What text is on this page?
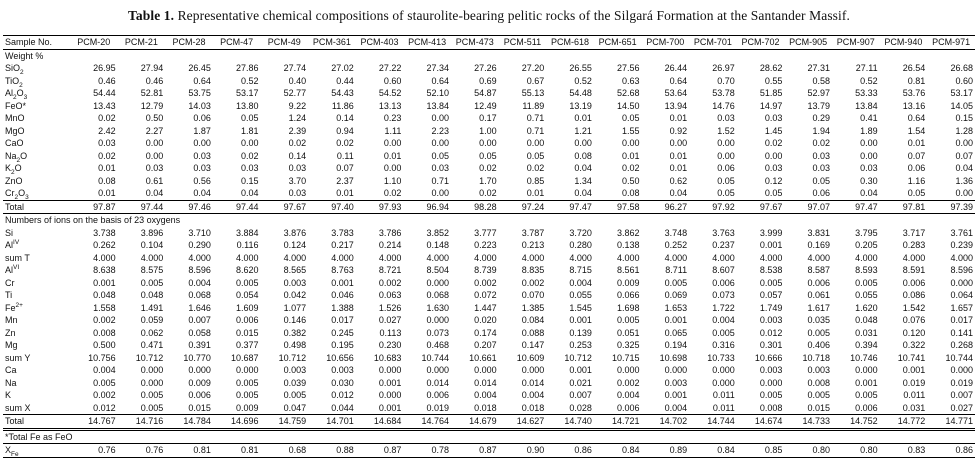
Table 1. Representative chemical compositions of staurolite-bearing pelitic rocks of the Silgará Formation at the Santander Massif.

Sample No.	PCM-20	PCM-21	PCM-28	PCM-47	PCM-49	PCM-361	PCM-403	PCM-413	PCM-473	PCM-511	PCM-618	PCM-651	PCM-700	PCM-701	PCM-702	PCM-905	PCM-907	PCM-940	PCM-971
Weight %																			
SiO$_2$	26.95	27.94	26.45	27.86	27.74	27.02	27.22	27.34	27.26	27.20	26.55	27.56	26.44	26.97	28.62	27.31	27.11	26.54	26.68
TiO$_2$	0.46	0.46	0.64	0.52	0.40	0.44	0.60	0.64	0.69	0.67	0.52	0.63	0.64	0.70	0.55	0.58	0.52	0.81	0.60
$Al_2O_3$	54.44	52.81	53.75	53.17	52.77	54.43	54.52	52.10	54.87	55.13	54.48	52.68	53.64	53.78	51.85	52.97	53.33	53.76	53.17
FeO*	13.43	12.79	14.03	13.80	9.22	11.86	13.13	13.84	12.49	11.89	13.19	14.50	13.94	14.76	14.97	13.79	13.84	13.16	14.05
MnO	0.02	0.50	0.06	0.05	1.24	0.14	0.23	0.00	0.17	0.71	0.01	0.05	0.01	0.03	0.03	0.29	0.41	0.64	0.15
MgO	2.42	2.27	1.87	1.81	2.39	0.94	1.11	2.23	1.00	0.71	1.21	1.55	0.92	1.52	1.45	1.94	1.89	1.54	1.28
CaO	0.03	0.00	0.00	0.00	0.02	0.02	0.00	0.00	0.00	0.00	0.00	0.00	0.00	0.00	0.02	0.02	0.00	0.01	0.00
$Na_2O$	0.02	0.00	0.03	0.02	0.14	0.11	0.01	0.05	0.05	0.05	0.08	0.01	0.01	0.00	0.00	0.03	0.00	0.07	0.07
$K_2O$	0.01	0.03	0.03	0.03	0.03	0.07	0.00	0.03	0.02	0.02	0.04	0.02	0.01	0.06	0.03	0.03	0.03	0.06	0.04
ZnO	0.08	0.61	0.56	0.15	3.70	2.37	1.10	0.71	1.70	0.85	1.34	0.50	0.62	0.05	0.12	0.05	0.30	1.16	1.36
$Cr_2O_3$	0.01	0.04	0.04	0.04	0.03	0.01	0.02	0.00	0.02	0.01	0.04	0.08	0.04	0.05	0.05	0.06	0.04	0.05	0.00
Total	97.87	97.44	97.46	97.44	97.67	97.40	97.93	96.94	98.28	97.24	97.47	97.58	96.27	97.92	97.67	97.07	97.47	97.81	97.39
Numbers of ions on the basis of 23 oxygens																			
Si	3.738	3.896	3.710	3.884	3.876	3.783	3.786	3.852	3.777	3.787	3.720	3.862	3.748	3.763	3.999	3.831	3.795	3.717	3.761
$Al^{IV}$	0.262	0.104	0.290	0.116	0.124	0.217	0.214	0.148	0.223	0.213	0.280	0.138	0.252	0.237	0.001	0.169	0.205	0.283	0.239
sum T	4.000	4.000	4.000	4.000	4.000	4.000	4.000	4.000	4.000	4.000	4.000	4.000	4.000	4.000	4.000	4.000	4.000	4.000	4.000
$Al^{VI}$	8.638	8.575	8.596	8.620	8.565	8.763	8.721	8.504	8.739	8.835	8.715	8.561	8.711	8.607	8.538	8.587	8.593	8.591	8.596
Cr	0.001	0.005	0.004	0.005	0.003	0.001	0.002	0.000	0.002	0.002	0.004	0.009	0.005	0.006	0.005	0.006	0.005	0.006	0.000
Ti	0.048	0.048	0.068	0.054	0.042	0.046	0.063	0.068	0.072	0.070	0.055	0.066	0.069	0.073	0.057	0.061	0.055	0.086	0.064
$Fe^{2+}$	1.558	1.491	1.646	1.609	1.077	1.388	1.526	1.630	1.447	1.385	1.545	1.698	1.653	1.722	1.749	1.617	1.620	1.542	1.657
Mn	0.002	0.059	0.007	0.006	0.146	0.017	0.027	0.000	0.020	0.084	0.001	0.005	0.001	0.004	0.003	0.035	0.048	0.076	0.017
Zn	0.008	0.062	0.058	0.015	0.382	0.245	0.113	0.073	0.174	0.088	0.139	0.051	0.065	0.005	0.012	0.005	0.031	0.120	0.141
Mg	0.500	0.471	0.391	0.377	0.498	0.195	0.230	0.468	0.207	0.147	0.253	0.325	0.194	0.316	0.301	0.406	0.394	0.322	0.268
sum Y	10.756	10.712	10.770	10.687	10.712	10.656	10.683	10.744	10.661	10.609	10.712	10.715	10.698	10.733	10.666	10.718	10.746	10.741	10.744
Ca	0.004	0.000	0.000	0.000	0.003	0.003	0.000	0.000	0.000	0.000	0.001	0.000	0.000	0.000	0.003	0.003	0.000	0.001	0.000
Na	0.005	0.000	0.009	0.005	0.039	0.030	0.001	0.014	0.014	0.014	0.021	0.002	0.003	0.000	0.000	0.008	0.001	0.019	0.019
K	0.002	0.005	0.006	0.005	0.005	0.012	0.000	0.006	0.004	0.004	0.007	0.004	0.001	0.011	0.005	0.005	0.005	0.011	0.007
sum X	0.012	0.005	0.015	0.009	0.047	0.044	0.001	0.019	0.018	0.018	0.028	0.006	0.004	0.011	0.008	0.015	0.006	0.031	0.027
Total	14.767	14.716	14.784	14.696	14.759	14.701	14.684	14.764	14.679	14.627	14.740	14.721	14.702	14.744	14.674	14.733	14.752	14.772	14.771
*Total Fe as FeO																			
$X_{Fe}$	0.76	0.76	0.81	0.81	0.68	0.88	0.87	0.78	0.87	0.90	0.86	0.84	0.89	0.84	0.85	0.80	0.80	0.83	0.86
